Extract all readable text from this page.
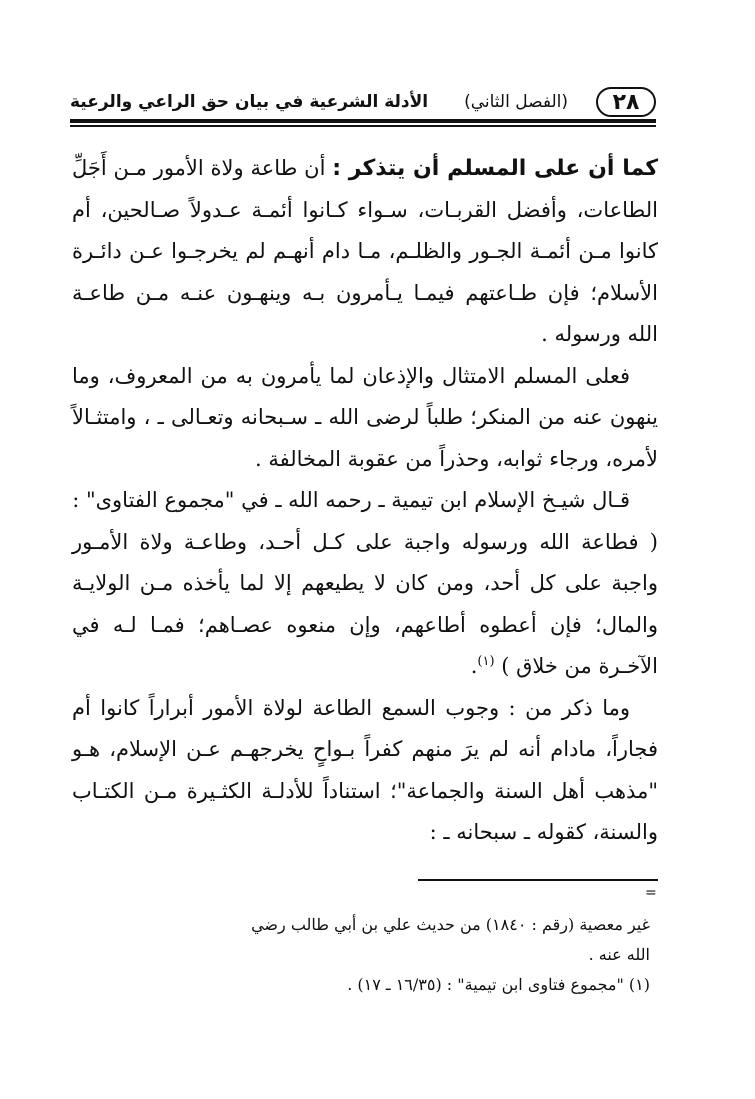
٢٨
(الفصل الثاني)
الأدلة الشرعية في بيان حق الراعي والرعية

كما أن على المسلم أن يتذكر : أن طاعة ولاة الأمور مـن أَجَلِّ الطاعات، وأفضل القربـات، سـواء كـانوا أئمـة عـدولاً صـالحين، أم كانوا مـن أئمـة الجـور والظلـم، مـا دام أنهـم لم يخرجـوا عـن دائـرة الأسلام؛ فإن طـاعتهم فيمـا يـأمرون بـه وينهـون عنـه مـن طاعـة الله ورسوله .

فعلى المسلم الامتثال والإذعان لما يأمرون به من المعروف، وما ينهون عنه من المنكر؛ طلباً لرضى الله ـ سـبحانه وتعـالى ـ ، وامتثـالاً لأمره، ورجاء ثوابه، وحذراً من عقوبة المخالفة .

قـال شيـخ الإسلام ابن تيمية ـ رحمه الله ـ في "مجموع الفتاوى" :

( فطاعة الله ورسوله واجبة على كـل أحـد، وطاعـة ولاة الأمـور واجبة على كل أحد، ومن كان لا يطيعهم إلا لما يأخذه مـن الولايـة والمال؛ فإن أعطوه أطاعهم، وإن منعوه عصـاهم؛ فمـا لـه في الآخـرة من خلاق ) $^{(١)}$.

وما ذكر من : وجوب السمع الطاعة لولاة الأمور أبراراً كانوا أم فجاراً، مادام أنه لم يرَ منهم كفراً بـواحٍ يخرجهـم عـن الإسلام، هـو "مذهب أهل السنة والجماعة"؛ استناداً للأدلـة الكثـيرة مـن الكتـاب والسنة، كقوله ـ سبحانه ـ :

=

غير معصية (رقم : ١٨٤٠) من حديث علي بن أبي طالب رضي الله عنه .

(١) "مجموع فتاوى ابن تيمية" : (١٦/٣٥ ـ ١٧) .
